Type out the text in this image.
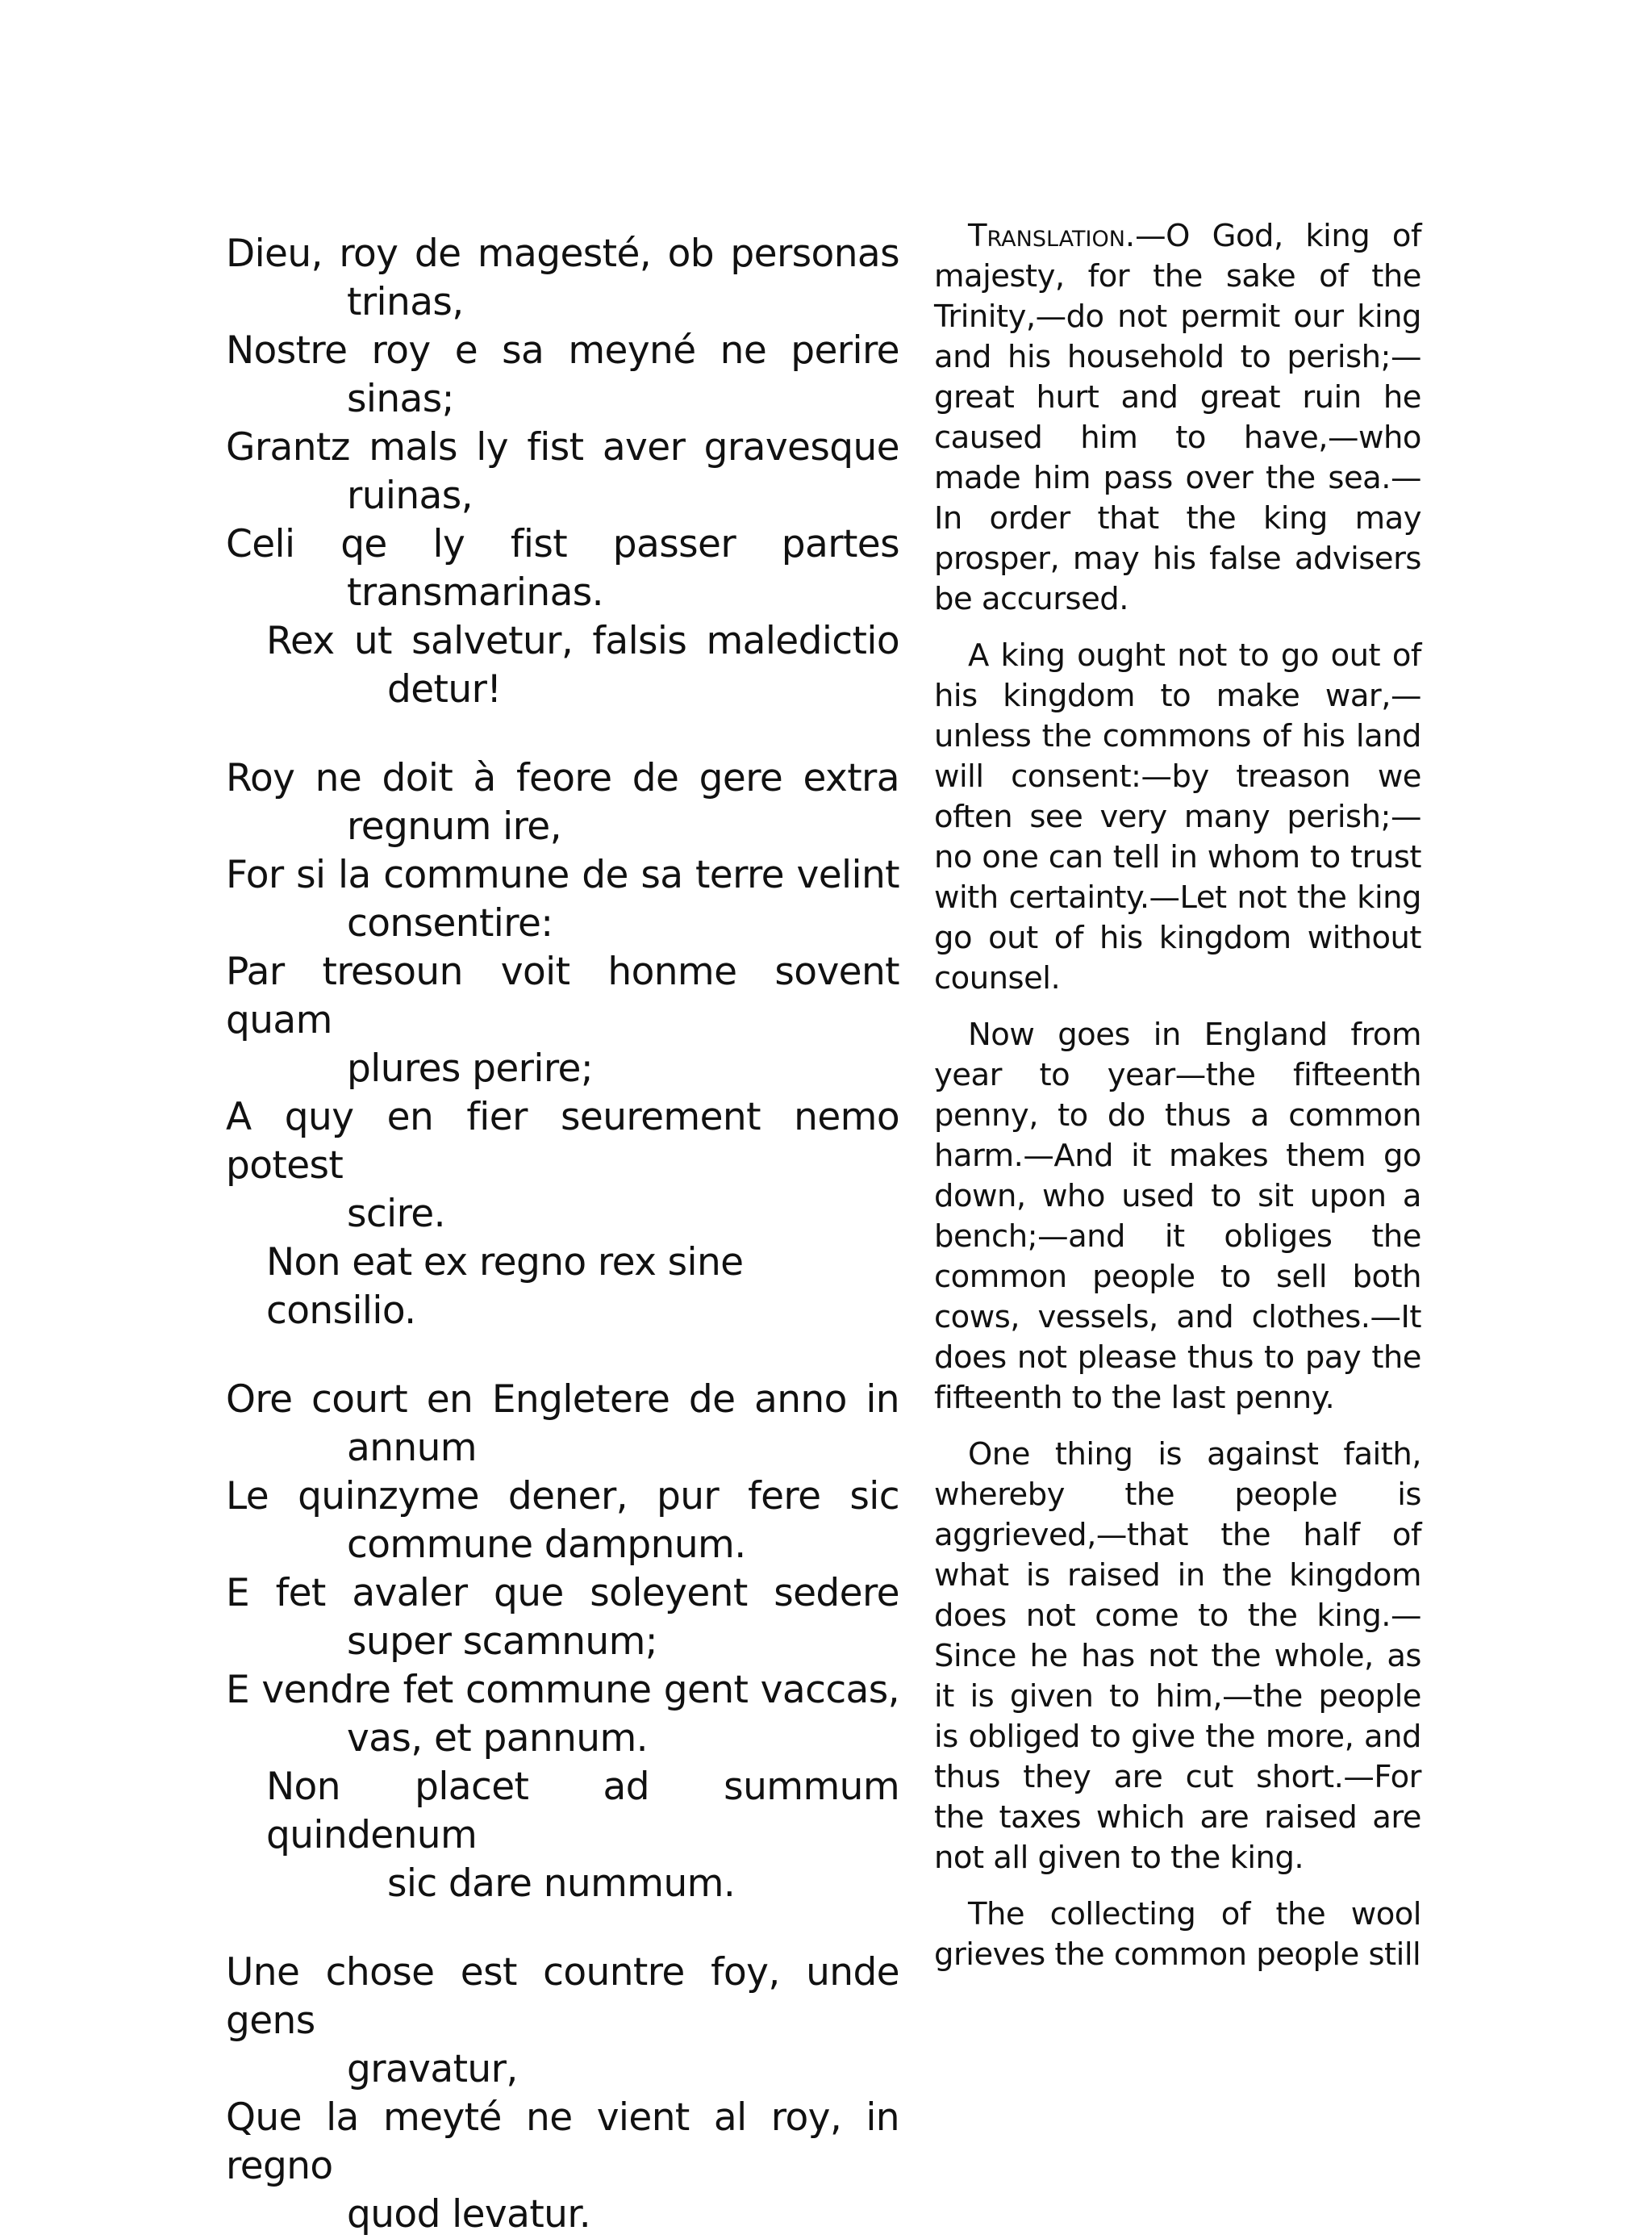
Dieu, roy de magesté, ob personas
trinas,
Nostre roy e sa meyné ne perire
sinas;
Grantz mals ly fist aver gravesque
ruinas,
Celi qe ly fist passer partes
transmarinas.
Rex ut salvetur, falsis maledictio
detur!
Roy ne doit à feore de gere extra
regnum ire,
For si la commune de sa terre velint
consentire:
Par tresoun voit honme sovent quam
plures perire;
A quy en fier seurement nemo potest
scire.
Non eat ex regno rex sine consilio.
Ore court en Engletere de anno in
annum
Le quinzyme dener, pur fere sic
commune dampnum.
E fet avaler que soleyent sedere
super scamnum;
E vendre fet commune gent vaccas,
vas, et pannum.
Non placet ad summum quindenum
sic dare nummum.
Une chose est countre foy, unde gens
gravatur,
Que la meyté ne vient al roy, in regno
quod levatur.

Translation.—O God, king of majesty, for the sake of the Trinity,—do not permit our king and his household to perish;—great hurt and great ruin he caused him to have,—who made him pass over the sea.—In order that the king may prosper, may his false advisers be accursed.

A king ought not to go out of his kingdom to make war,—unless the commons of his land will consent:—by treason we often see very many perish;—no one can tell in whom to trust with certainty.—Let not the king go out of his kingdom without counsel.

Now goes in England from year to year—the fifteenth penny, to do thus a common harm.—And it makes them go down, who used to sit upon a bench;—and it obliges the common people to sell both cows, vessels, and clothes.—It does not please thus to pay the fifteenth to the last penny.

One thing is against faith, whereby the people is aggrieved,—that the half of what is raised in the kingdom does not come to the king.—Since he has not the whole, as it is given to him,—the people is obliged to give the more, and thus they are cut short.—For the taxes which are raised are not all given to the king.

The collecting of the wool grieves the common people still
